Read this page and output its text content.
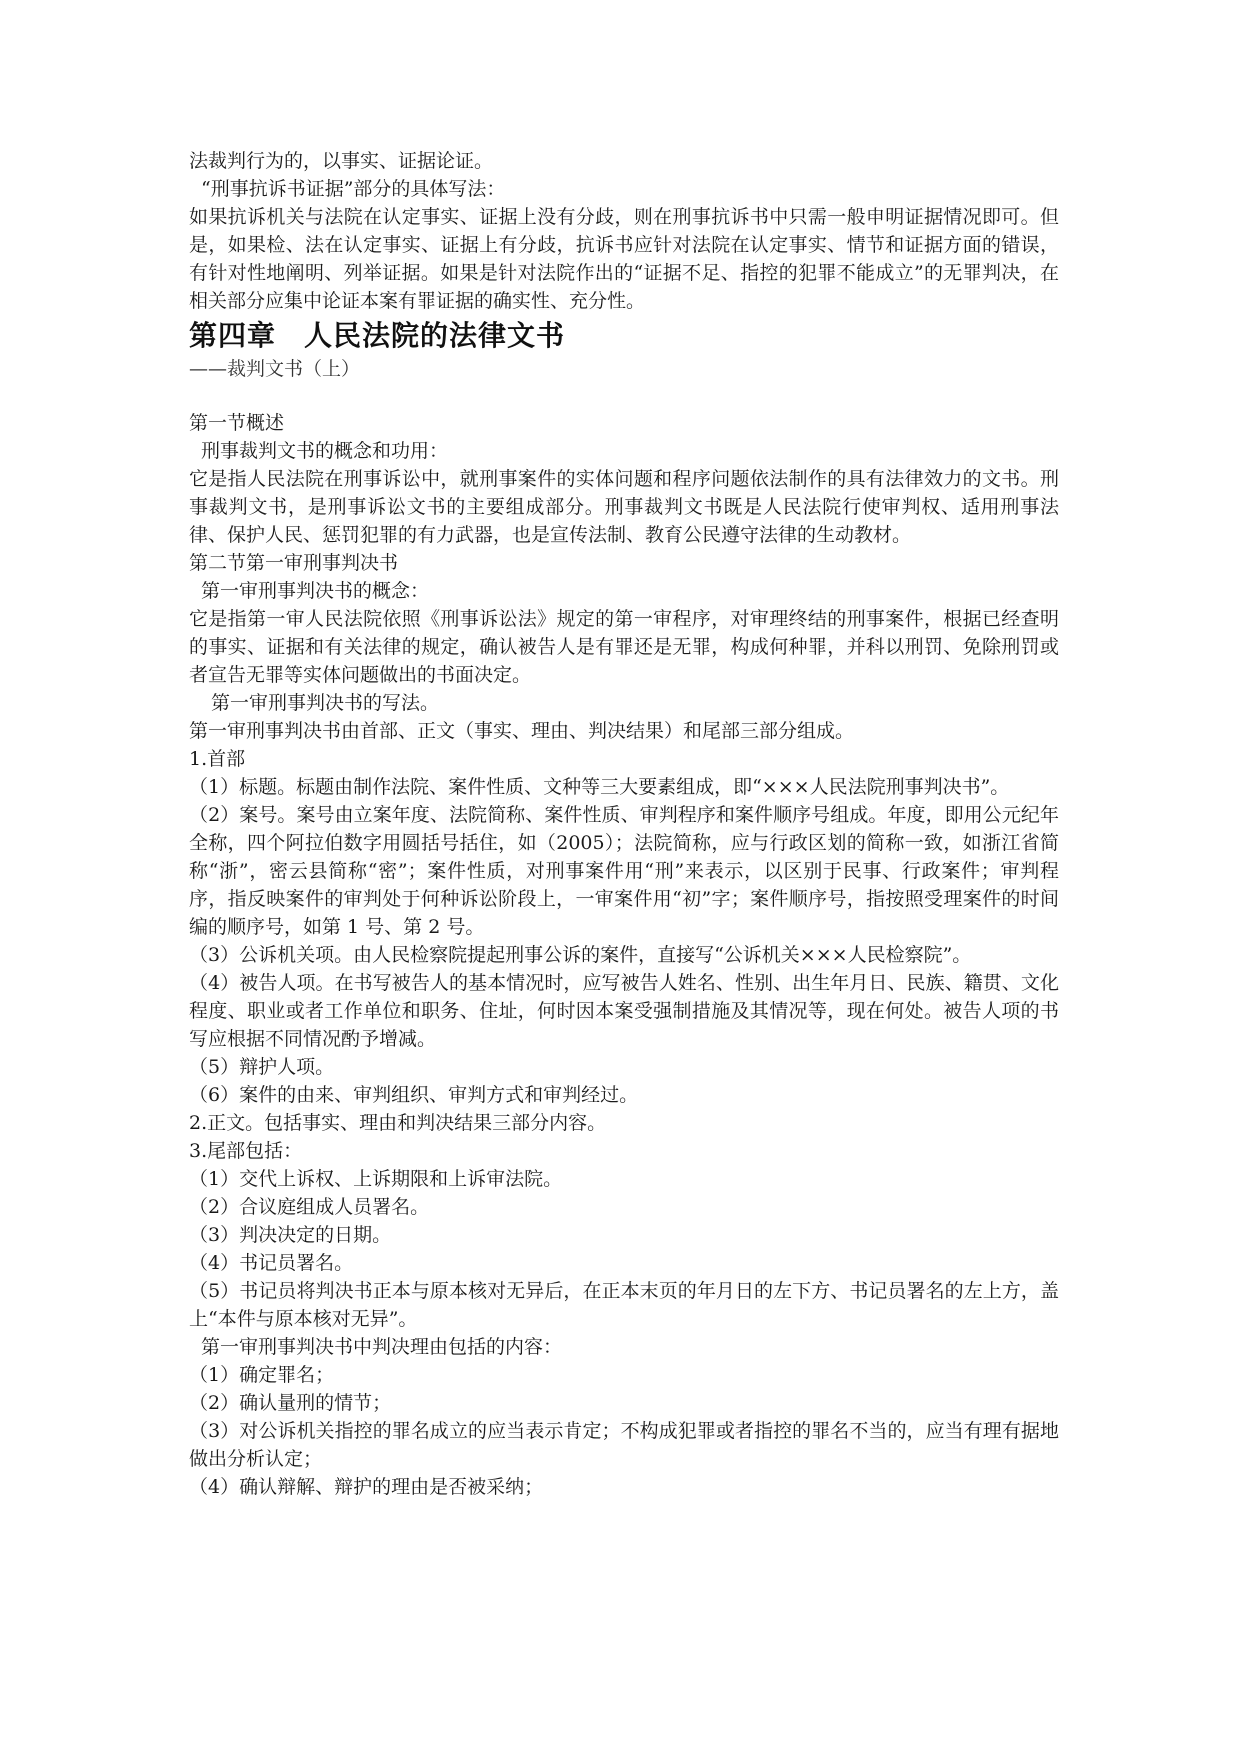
法裁判行为的，以事实、证据论证。

“刑事抗诉书证据”部分的具体写法：

如果抗诉机关与法院在认定事实、证据上没有分歧，则在刑事抗诉书中只需一般申明证据情况即可。但是，如果检、法在认定事实、证据上有分歧，抗诉书应针对法院在认定事实、情节和证据方面的错误，有针对性地阐明、列举证据。如果是针对法院作出的“证据不足、指控的犯罪不能成立”的无罪判决，在相关部分应集中论证本案有罪证据的确实性、充分性。

第四章 人民法院的法律文书

——裁判文书（上）

第一节概述

刑事裁判文书的概念和功用：

它是指人民法院在刑事诉讼中，就刑事案件的实体问题和程序问题依法制作的具有法律效力的文书。刑事裁判文书，是刑事诉讼文书的主要组成部分。刑事裁判文书既是人民法院行使审判权、适用刑事法律、保护人民、惩罚犯罪的有力武器，也是宣传法制、教育公民遵守法律的生动教材。

第二节第一审刑事判决书

第一审刑事判决书的概念：

它是指第一审人民法院依照《刑事诉讼法》规定的第一审程序，对审理终结的刑事案件，根据已经查明的事实、证据和有关法律的规定，确认被告人是有罪还是无罪，构成何种罪，并科以刑罚、免除刑罚或者宣告无罪等实体问题做出的书面决定。

第一审刑事判决书的写法。

第一审刑事判决书由首部、正文（事实、理由、判决结果）和尾部三部分组成。

1.首部

（1）标题。标题由制作法院、案件性质、文种等三大要素组成，即“×××人民法院刑事判决书”。

（2）案号。案号由立案年度、法院简称、案件性质、审判程序和案件顺序号组成。年度，即用公元纪年全称，四个阿拉伯数字用圆括号括住，如（2005）；法院简称，应与行政区划的简称一致，如浙江省简称“浙”，密云县简称“密”；案件性质，对刑事案件用“刑”来表示，以区别于民事、行政案件；审判程序，指反映案件的审判处于何种诉讼阶段上，一审案件用“初”字；案件顺序号，指按照受理案件的时间编的顺序号，如第 1 号、第 2 号。

（3）公诉机关项。由人民检察院提起刑事公诉的案件，直接写“公诉机关×××人民检察院”。

（4）被告人项。在书写被告人的基本情况时，应写被告人姓名、性别、出生年月日、民族、籍贯、文化程度、职业或者工作单位和职务、住址，何时因本案受强制措施及其情况等，现在何处。被告人项的书写应根据不同情况酌予增减。

（5）辩护人项。

（6）案件的由来、审判组织、审判方式和审判经过。

2.正文。包括事实、理由和判决结果三部分内容。

3.尾部包括：

（1）交代上诉权、上诉期限和上诉审法院。

（2）合议庭组成人员署名。

（3）判决决定的日期。

（4）书记员署名。

（5）书记员将判决书正本与原本核对无异后，在正本末页的年月日的左下方、书记员署名的左上方，盖上“本件与原本核对无异”。

第一审刑事判决书中判决理由包括的内容：

（1）确定罪名；

（2）确认量刑的情节；

（3）对公诉机关指控的罪名成立的应当表示肯定；不构成犯罪或者指控的罪名不当的，应当有理有据地做出分析认定；

（4）确认辩解、辩护的理由是否被采纳；
